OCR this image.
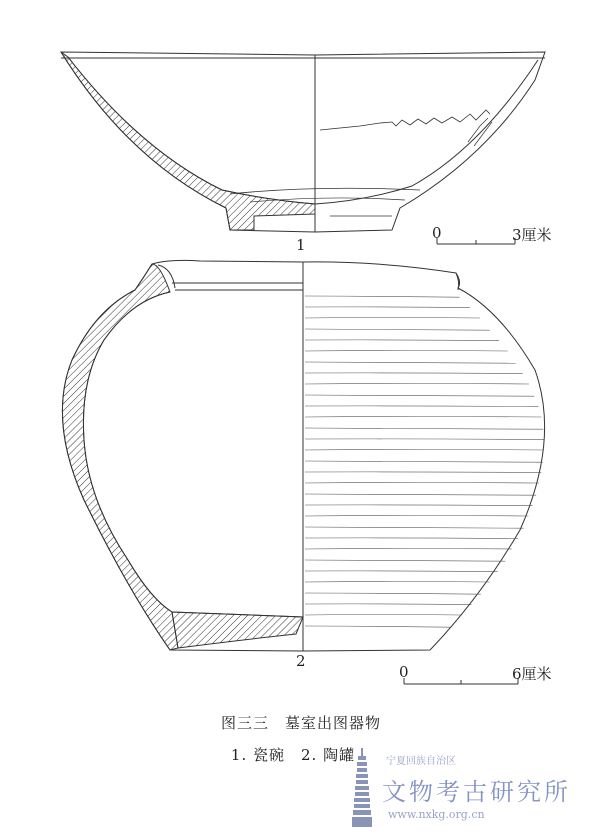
1
2
0	3厘米
0	6厘米
图三三　墓室出图器物
1. 瓷碗　2. 陶罐	宁夏回族自治区
文物考古研究所
www.nxkg.org.cn
